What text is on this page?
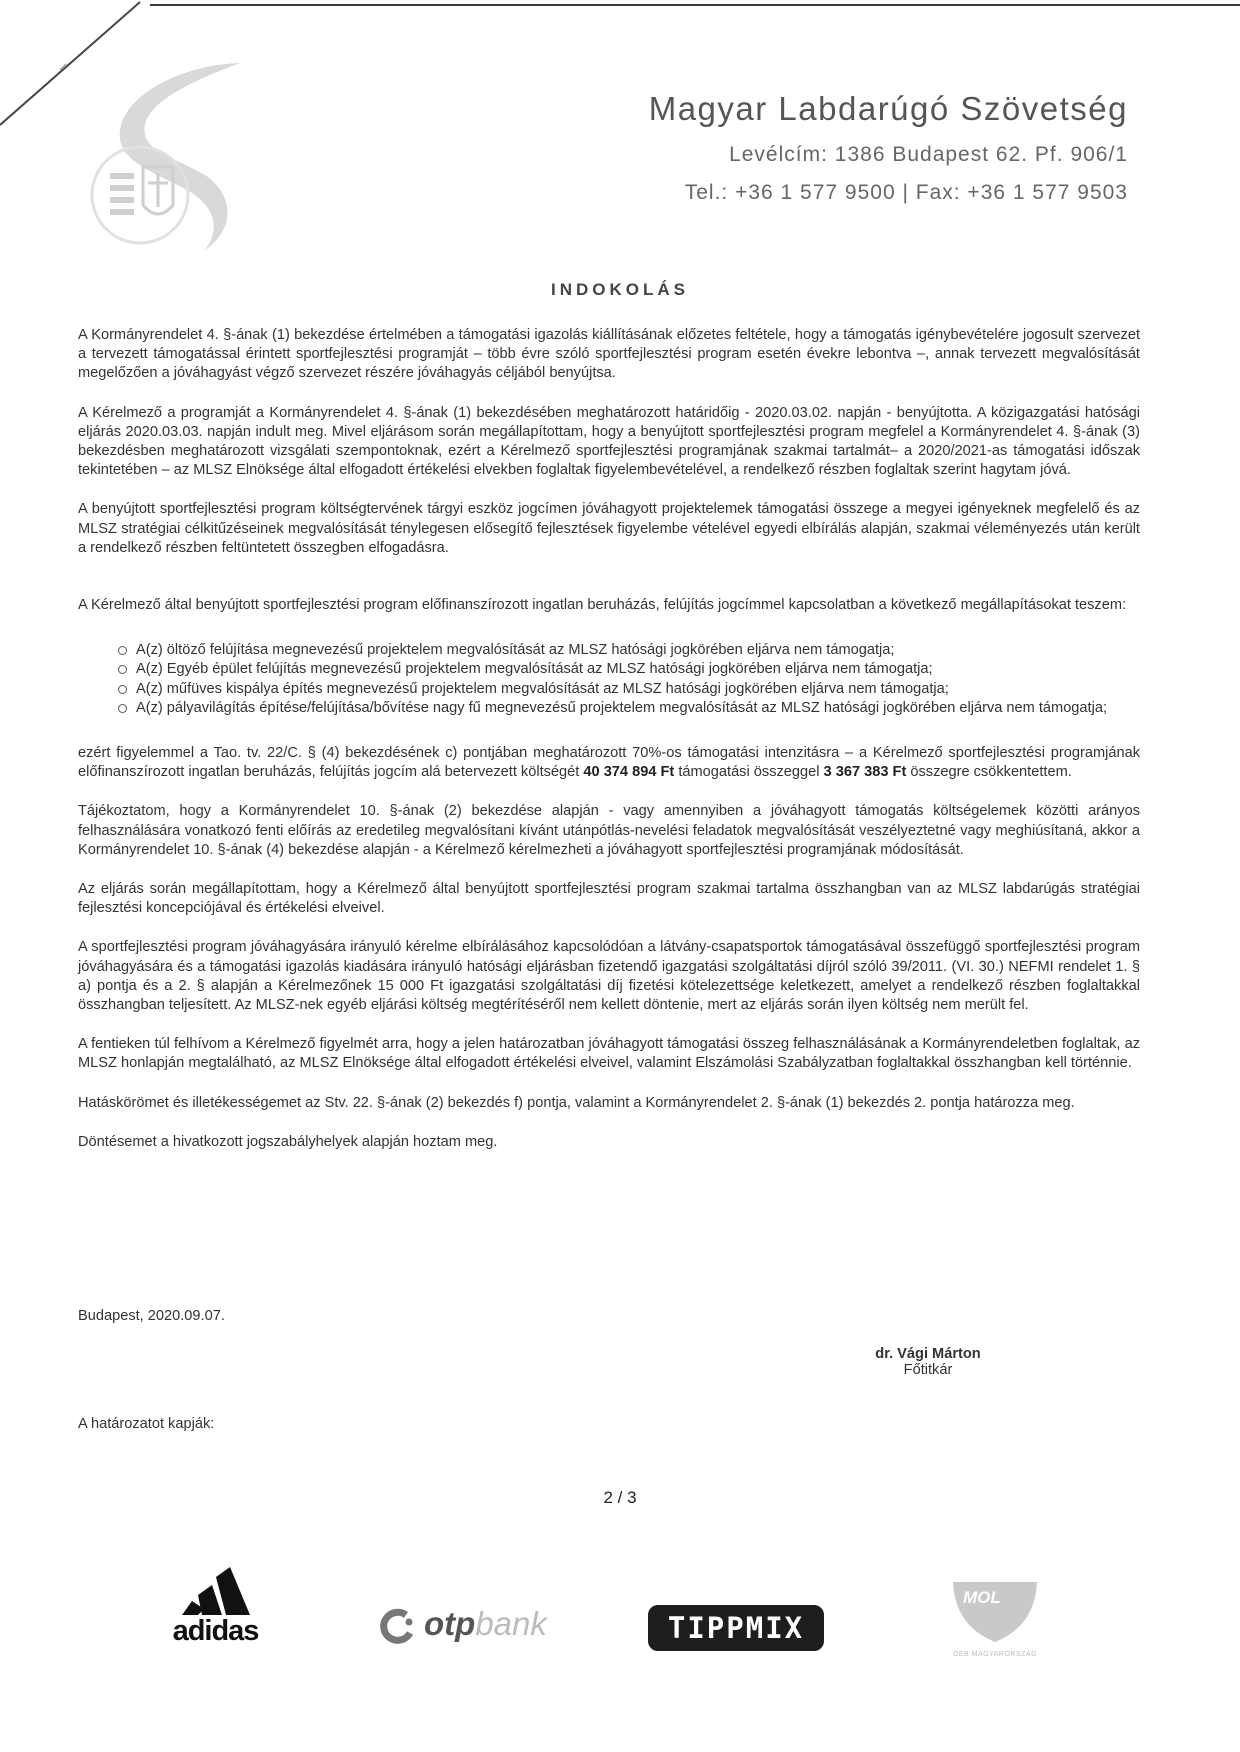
Magyar Labdarúgó Szövetség
Levélcím: 1386 Budapest 62. Pf. 906/1
Tel.: +36 1 577 9500 | Fax: +36 1 577 9503
INDOKOLÁS

A Kormányrendelet 4. §-ának (1) bekezdése értelmében a támogatási igazolás kiállításának előzetes feltétele, hogy a támogatás igénybevételére jogosult szervezet a tervezett támogatással érintett sportfejlesztési programját – több évre szóló sportfejlesztési program esetén évekre lebontva –, annak tervezett megvalósítását megelőzően a jóváhagyást végző szervezet részére jóváhagyás céljából benyújtsa.

A Kérelmező a programját a Kormányrendelet 4. §-ának (1) bekezdésében meghatározott határidőig - 2020.03.02. napján - benyújtotta. A közigazgatási hatósági eljárás 2020.03.03. napján indult meg. Mivel eljárásom során megállapítottam, hogy a benyújtott sportfejlesztési program megfelel a Kormányrendelet 4. §-ának (3) bekezdésben meghatározott vizsgálati szempontoknak, ezért a Kérelmező sportfejlesztési programjának szakmai tartalmát– a 2020/2021-as támogatási időszak tekintetében – az MLSZ Elnöksége által elfogadott értékelési elvekben foglaltak figyelembevételével, a rendelkező részben foglaltak szerint hagytam jóvá.

A benyújtott sportfejlesztési program költségtervének tárgyi eszköz jogcímen jóváhagyott projektelemek támogatási összege a megyei igényeknek megfelelő és az MLSZ stratégiai célkitűzéseinek megvalósítását ténylegesen elősegítő fejlesztések figyelembe vételével egyedi elbírálás alapján, szakmai véleményezés után került a rendelkező részben feltüntetett összegben elfogadásra.

A Kérelmező által benyújtott sportfejlesztési program előfinanszírozott ingatlan beruházás, felújítás jogcímmel kapcsolatban a következő megállapításokat teszem:

A(z) öltöző felújítása megnevezésű projektelem megvalósítását az MLSZ hatósági jogkörében eljárva nem támogatja;
A(z) Egyéb épület felújítás megnevezésű projektelem megvalósítását az MLSZ hatósági jogkörében eljárva nem támogatja;
A(z) műfüves kispálya építés megnevezésű projektelem megvalósítását az MLSZ hatósági jogkörében eljárva nem támogatja;
A(z) pályavilágítás építése/felújítása/bővítése nagy fű megnevezésű projektelem megvalósítását az MLSZ hatósági jogkörében eljárva nem támogatja;

ezért figyelemmel a Tao. tv. 22/C. § (4) bekezdésének c) pontjában meghatározott 70%-os támogatási intenzitásra – a Kérelmező sportfejlesztési programjának előfinanszírozott ingatlan beruházás, felújítás jogcím alá betervezett költségét 40 374 894 Ft támogatási összeggel 3 367 383 Ft összegre csökkentettem.

Tájékoztatom, hogy a Kormányrendelet 10. §-ának (2) bekezdése alapján - vagy amennyiben a jóváhagyott támogatás költségelemek közötti arányos felhasználására vonatkozó fenti előírás az eredetileg megvalósítani kívánt utánpótlás-nevelési feladatok megvalósítását veszélyeztetné vagy meghiúsítaná, akkor a Kormányrendelet 10. §-ának (4) bekezdése alapján - a Kérelmező kérelmezheti a jóváhagyott sportfejlesztési programjának módosítását.

Az eljárás során megállapítottam, hogy a Kérelmező által benyújtott sportfejlesztési program szakmai tartalma összhangban van az MLSZ labdarúgás stratégiai fejlesztési koncepciójával és értékelési elveivel.

A sportfejlesztési program jóváhagyására irányuló kérelme elbírálásához kapcsolódóan a látvány-csapatsportok támogatásával összefüggő sportfejlesztési program jóváhagyására és a támogatási igazolás kiadására irányuló hatósági eljárásban fizetendő igazgatási szolgáltatási díjról szóló 39/2011. (VI. 30.) NEFMI rendelet 1. § a) pontja és a 2. § alapján a Kérelmezőnek 15 000 Ft igazgatási szolgáltatási díj fizetési kötelezettsége keletkezett, amelyet a rendelkező részben foglaltakkal összhangban teljesített. Az MLSZ-nek egyéb eljárási költség megtérítéséről nem kellett döntenie, mert az eljárás során ilyen költség nem merült fel.

A fentieken túl felhívom a Kérelmező figyelmét arra, hogy a jelen határozatban jóváhagyott támogatási összeg felhasználásának a Kormányrendeletben foglaltak, az MLSZ honlapján megtalálható, az MLSZ Elnöksége által elfogadott értékelési elveivel, valamint Elszámolási Szabályzatban foglaltakkal összhangban kell történnie.

Hatáskörömet és illetékességemet az Stv. 22. §-ának (2) bekezdés f) pontja, valamint a Kormányrendelet 2. §-ának (1) bekezdés 2. pontja határozza meg.

Döntésemet a hivatkozott jogszabályhelyek alapján hoztam meg.

Budapest, 2020.09.07.
dr. Vági Márton
Főtitkár
A határozatot kapják:
2 / 3
adidas	otpbank	TIPPMIX
MOL
OEB MAGYARORSZÁG
